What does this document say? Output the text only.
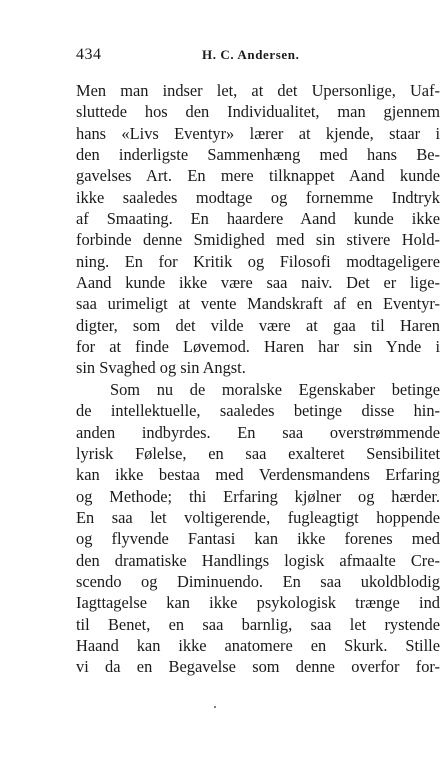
434	H. C. Andersen.
Men man indser let, at det Upersonlige, Uaf-
sluttede hos den Individualitet, man gjennem
hans «Livs Eventyr» lærer at kjende, staar i
den inderligste Sammenhæng med hans Be-
gavelses Art. En mere tilknappet Aand kunde
ikke saaledes modtage og fornemme Indtryk
af Smaating. En haardere Aand kunde ikke
forbinde denne Smidighed med sin stivere Hold-
ning. En for Kritik og Filosofi modtageligere
Aand kunde ikke være saa naiv. Det er lige-
saa urimeligt at vente Mandskraft af en Eventyr-
digter, som det vilde være at gaa til Haren
for at finde Løvemod. Haren har sin Ynde i
sin Svaghed og sin Angst.
Som nu de moralske Egenskaber betinge
de intellektuelle, saaledes betinge disse hin-
anden indbyrdes. En saa overstrømmende
lyrisk Følelse, en saa exalteret Sensibilitet
kan ikke bestaa med Verdensmandens Erfaring
og Methode; thi Erfaring kjølner og hærder.
En saa let voltigerende, fugleagtigt hoppende
og flyvende Fantasi kan ikke forenes med
den dramatiske Handlings logisk afmaalte Cre-
scendo og Diminuendo. En saa ukoldblodig
Iagttagelse kan ikke psykologisk trænge ind
til Benet, en saa barnlig, saa let rystende
Haand kan ikke anatomere en Skurk. Stille
vi da en Begavelse som denne overfor for-
